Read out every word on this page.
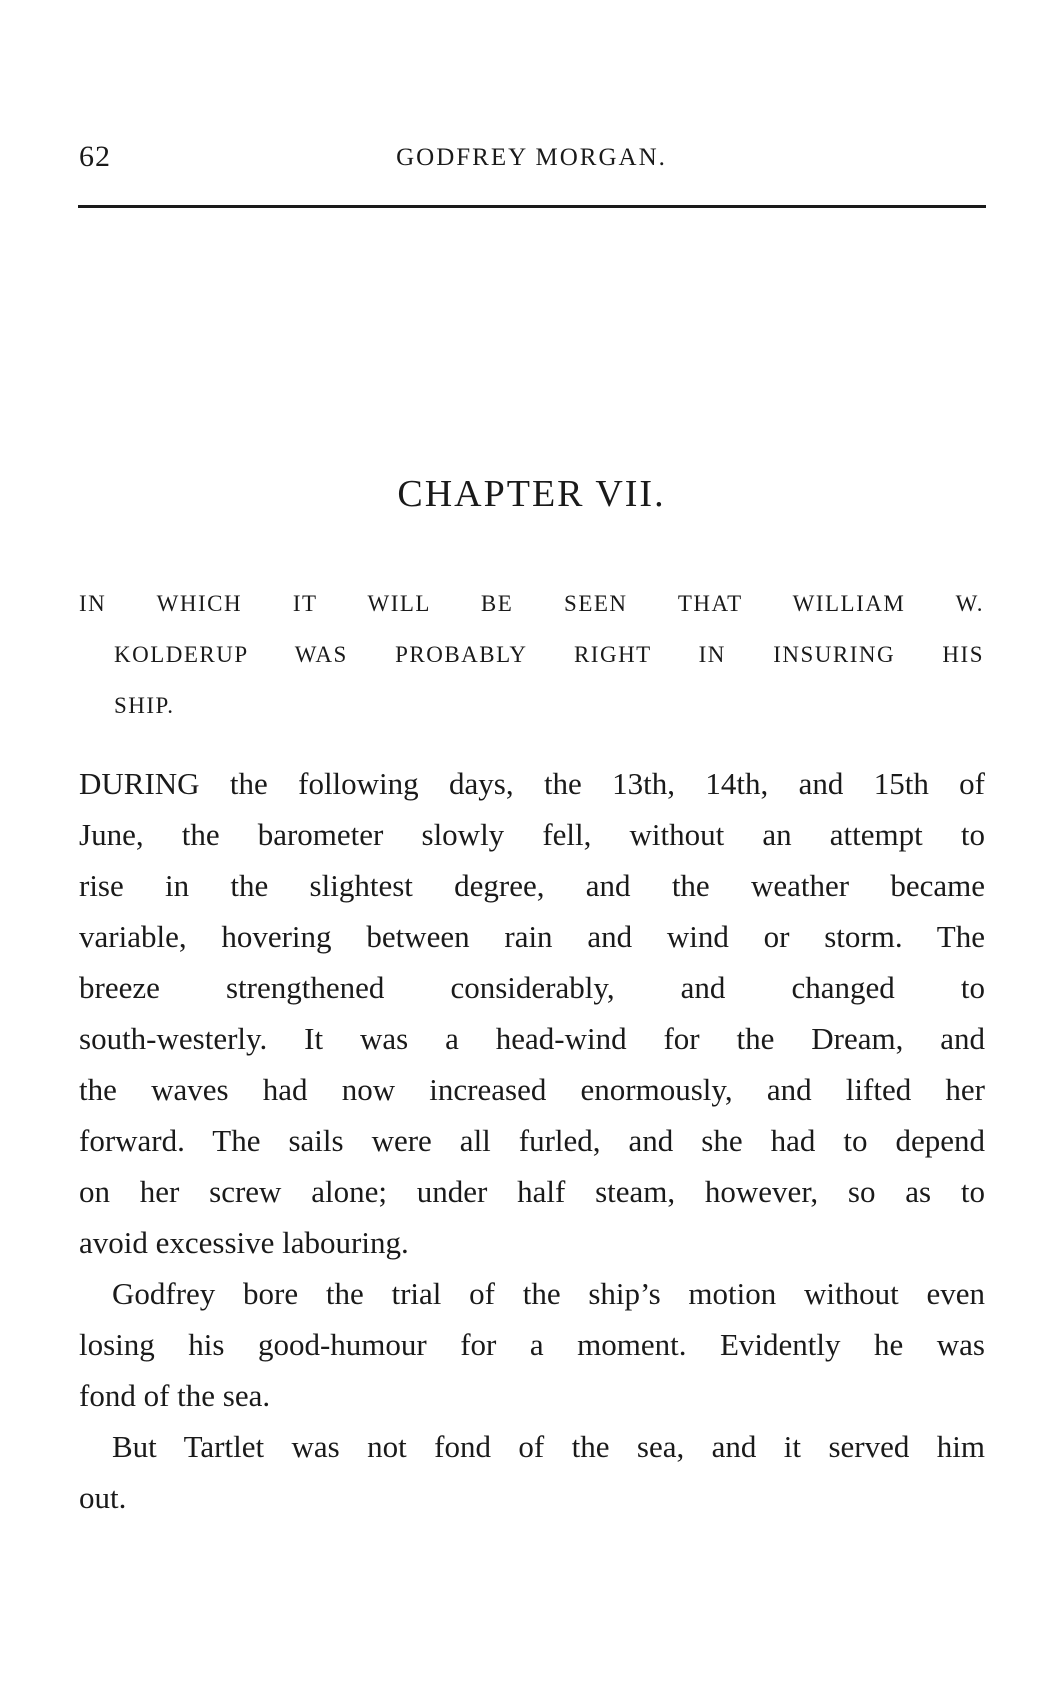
62	GODFREY MORGAN.
CHAPTER VII.
IN WHICH IT WILL BE SEEN THAT WILLIAM W.
KOLDERUP WAS PROBABLY RIGHT IN INSURING HIS
SHIP.
DURING the following days, the 13th, 14th, and 15th of
June, the barometer slowly fell, without an attempt to
rise in the slightest degree, and the weather became
variable, hovering between rain and wind or storm. The
breeze strengthened considerably, and changed to
south-westerly. It was a head-wind for the Dream, and
the waves had now increased enormously, and lifted her
forward. The sails were all furled, and she had to depend
on her screw alone; under half steam, however, so as to
avoid excessive labouring.
Godfrey bore the trial of the ship’s motion without even
losing his good-humour for a moment. Evidently he was
fond of the sea.
But Tartlet was not fond of the sea, and it served him
out.
